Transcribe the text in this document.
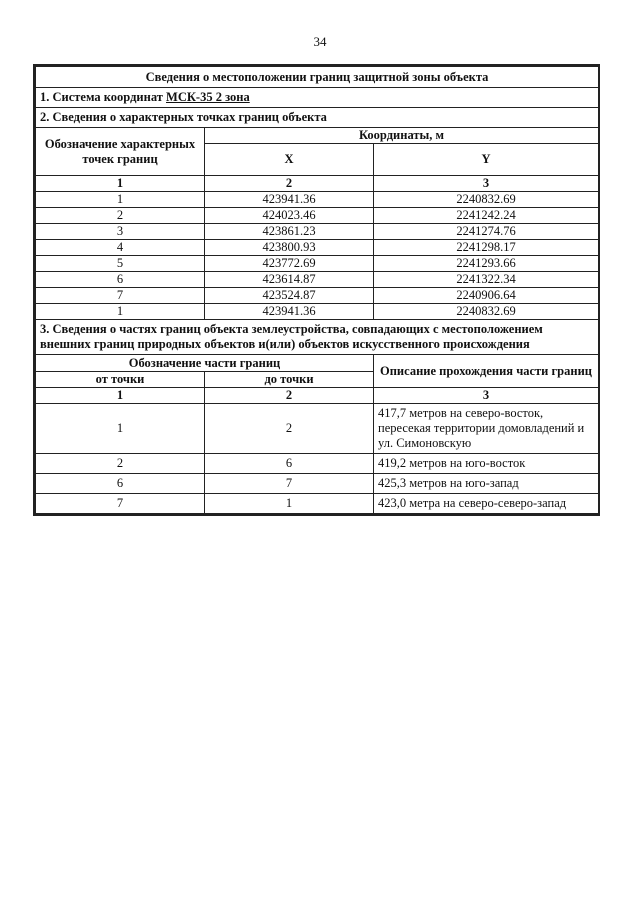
34
Сведения о местоположении границ защитной зоны объекта		
1. Система координат МСК-35 2 зона		
2. Сведения о характерных точках границ объекта		
Обозначение характерных точек границ	Координаты, м	
	X	Y
1	2	3
1	423941.36	2240832.69
2	424023.46	2241242.24
3	423861.23	2241274.76
4	423800.93	2241298.17
5	423772.69	2241293.66
6	423614.87	2241322.34
7	423524.87	2240906.64
1	423941.36	2240832.69
3. Сведения о частях границ объекта землеустройства, совпадающих с местоположением внешних границ природных объектов и(или) объектов искусственного происхождения		
Обозначение части границ		Описание прохождения части границ
от точки	до точки	
1	2	3
1	2	417,7 метров на северо-восток, пересекая территории домовладений и ул. Симоновскую
2	6	419,2 метров на юго-восток
6	7	425,3 метров на юго-запад
7	1	423,0 метра на северо-северо-запад
